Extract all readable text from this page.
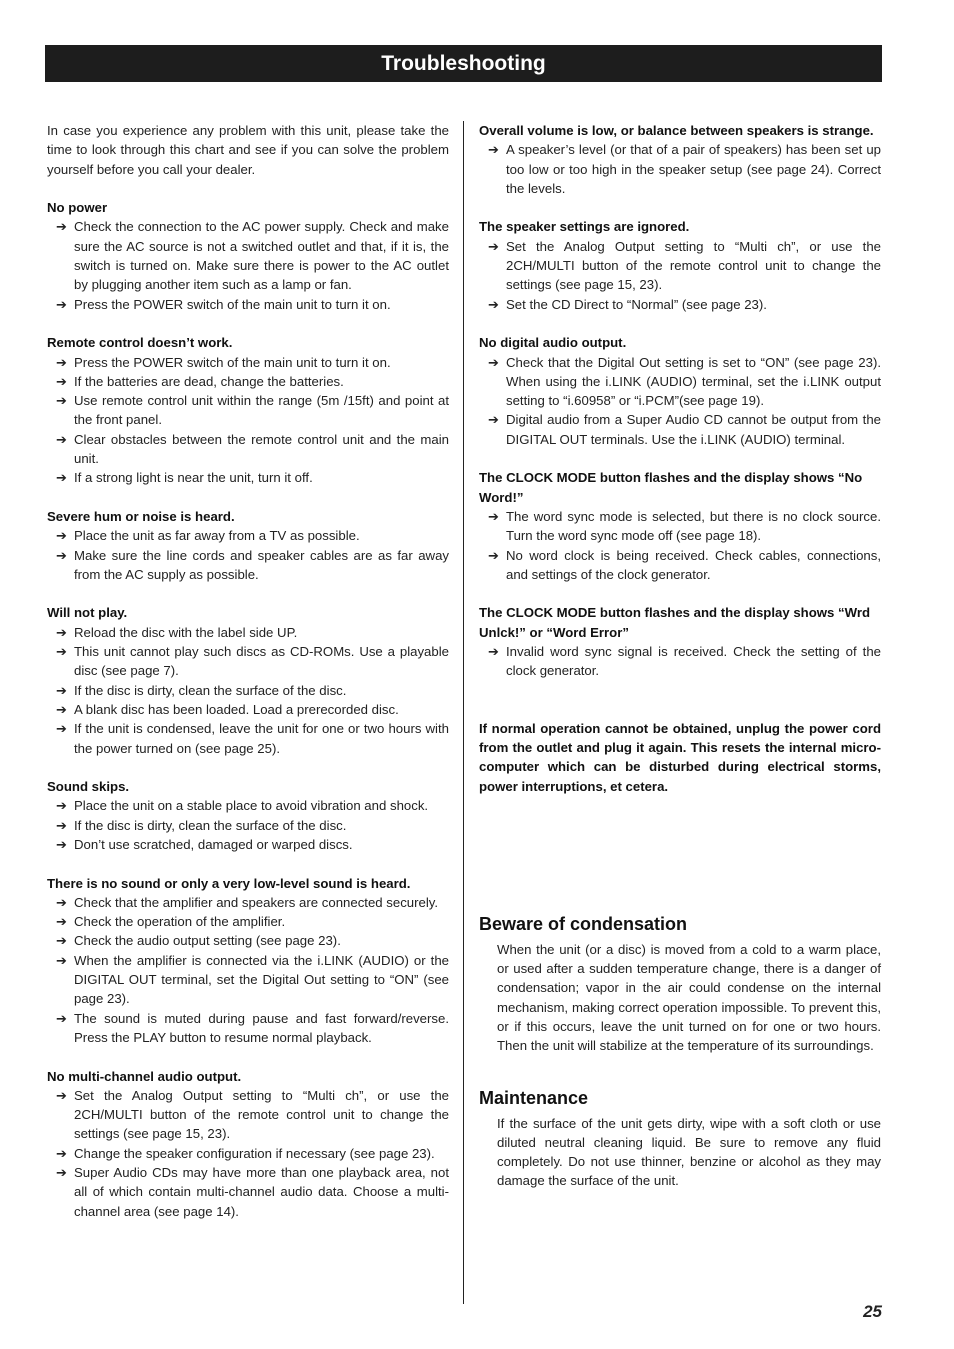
Troubleshooting

In case you experience any problem with this unit, please take the time to look through this chart and see if you can solve the problem yourself before you call your dealer.

No power

➔ Check the connection to the AC power supply. Check and make sure the AC source is not a switched outlet and that, if it is, the switch is turned on. Make sure there is power to the AC outlet by plugging another item such as a lamp or fan.
➔ Press the POWER switch of the main unit to turn it on.

Remote control doesn’t work.

➔ Press the POWER switch of the main unit to turn it on.
➔ If the batteries are dead, change the batteries.
➔ Use remote control unit within the range (5m /15ft) and point at the front panel.
➔ Clear obstacles between the remote control unit and the main unit.
➔ If a strong light is near the unit, turn it off.

Severe hum or noise is heard.

➔ Place the unit as far away from a TV as possible.
➔ Make sure the line cords and speaker cables are as far away from the AC supply as possible.

Will not play.

➔ Reload the disc with the label side UP.
➔ This unit cannot play such discs as CD-ROMs. Use a playable disc (see page 7).
➔ If the disc is dirty, clean the surface of the disc.
➔ A blank disc has been loaded. Load a prerecorded disc.
➔ If the unit is condensed, leave the unit for one or two hours with the power turned on (see page 25).

Sound skips.

➔ Place the unit on a stable place to avoid vibration and shock.
➔ If the disc is dirty, clean the surface of the disc.
➔ Don’t use scratched, damaged or warped discs.

There is no sound or only a very low-level sound is heard.

➔ Check that the amplifier and speakers are connected securely.
➔ Check the operation of the amplifier.
➔ Check the audio output setting (see page 23).
➔ When the amplifier is connected via the i.LINK (AUDIO) or the DIGITAL OUT terminal, set the Digital Out setting to “ON” (see page 23).
➔ The sound is muted during pause and fast forward/reverse. Press the PLAY button to resume normal playback.

No multi-channel audio output.

➔ Set the Analog Output setting to “Multi ch”, or use the 2CH/MULTI button of the remote control unit to change the settings (see page 15, 23).
➔ Change the speaker configuration if necessary (see page 23).
➔ Super Audio CDs may have more than one playback area, not all of which contain multi-channel audio data. Choose a multi-channel area (see page 14).

Overall volume is low, or balance between speakers is strange.

➔ A speaker’s level (or that of a pair of speakers) has been set up too low or too high in the speaker setup (see page 24). Correct the levels.

The speaker settings are ignored.

➔ Set the Analog Output setting to “Multi ch”, or use the 2CH/MULTI button of the remote control unit to change the settings (see page 15, 23).
➔ Set the CD Direct to “Normal” (see page 23).

No digital audio output.

➔ Check that the Digital Out setting is set to “ON” (see page 23). When using the i.LINK (AUDIO) terminal, set the i.LINK output setting to “i.60958” or “i.PCM”(see page 19).
➔ Digital audio from a Super Audio CD cannot be output from the DIGITAL OUT terminals. Use the i.LINK (AUDIO) terminal.

The CLOCK MODE button flashes and the display shows “No Word!”

➔ The word sync mode is selected, but there is no clock source. Turn the word sync mode off (see page 18).
➔ No word clock is being received. Check cables, connections, and settings of the clock generator.

The CLOCK MODE button flashes and the display shows “Wrd Unlck!” or “Word Error”

➔ Invalid word sync signal is received. Check the setting of the clock generator.

If normal operation cannot be obtained, unplug the power cord from the outlet and plug it again. This resets the internal micro-computer which can be disturbed during electrical storms, power interruptions, et cetera.

Beware of condensation

When the unit (or a disc) is moved from a cold to a warm place, or used after a sudden temperature change, there is a danger of condensation; vapor in the air could condense on the internal mechanism, making correct operation impossible. To prevent this, or if this occurs, leave the unit turned on for one or two hours. Then the unit will stabilize at the temperature of its surroundings.

Maintenance

If the surface of the unit gets dirty, wipe with a soft cloth or use diluted neutral cleaning liquid. Be sure to remove any fluid completely. Do not use thinner, benzine or alcohol as they may damage the surface of the unit.

25
